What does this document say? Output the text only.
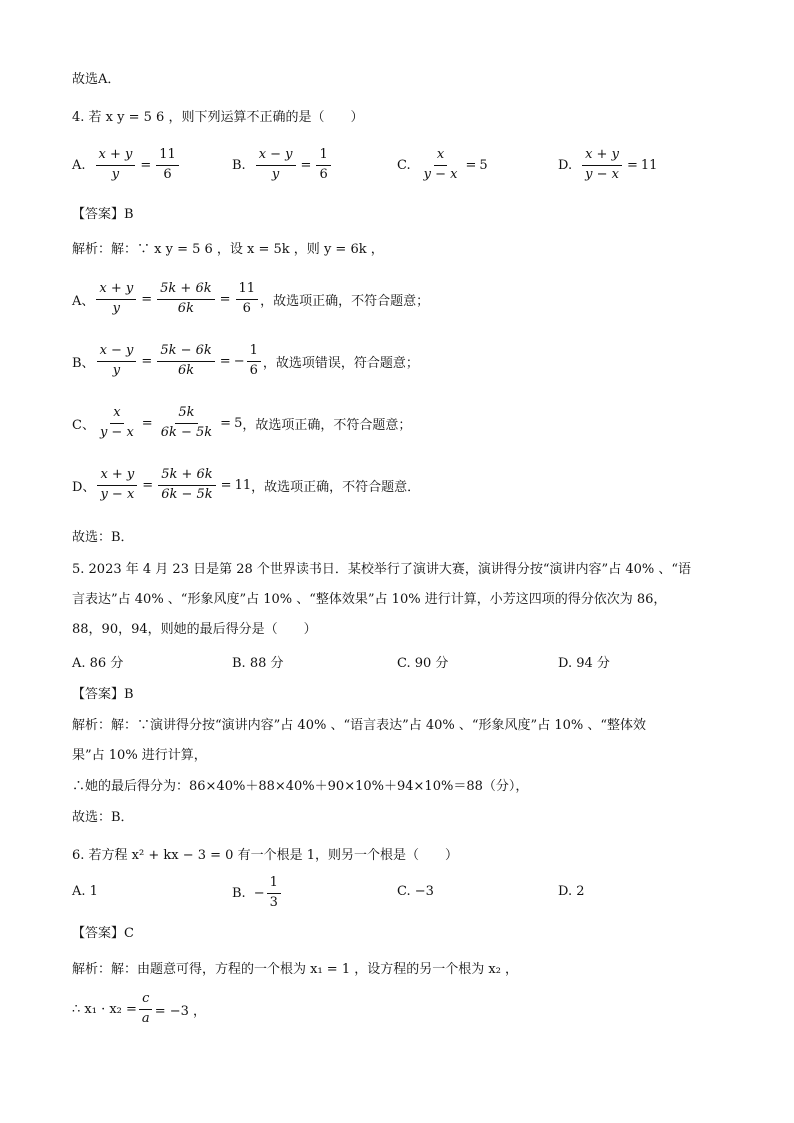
故选A．
4. 若 x y = 5 6 ，则下列运算不正确的是（　　）
A. $\frac{x + y}{y} = \frac{11}{6}$	B. $\frac{x - y}{y} = \frac{1}{6}$	C. $\frac{x}{y - x} = 5$	D. $\frac{x + y}{y - x} = 11$
【答案】B
解析：解：∵ x y = 5 6 ，设 x = 5k ，则 y = 6k ，
A、 $\frac{x + y}{y} = \frac{5k + 6k}{6k} = \frac{11}{6}$ ，故选项正确，不符合题意；
B、 $\frac{x - y}{y} = \frac{5k - 6k}{6k}$ = − $\frac{1}{6}$ ，故选项错误，符合题意；
C、 $\frac{x}{y - x} = \frac{5k}{6k - 5k} = 5$ ，故选项正确，不符合题意；
D、 $\frac{x + y}{y - x} = \frac{5k + 6k}{6k - 5k} = 11$ ，故选项正确，不符合题意．
故选：B．
5. 2023 年 4 月 23 日是第 28 个世界读书日．某校举行了演讲大赛，演讲得分按“演讲内容”占 40% 、“语
言表达”占 40% 、“形象风度”占 10% 、“整体效果”占 10% 进行计算，小芳这四项的得分依次为 86，
88，90，94，则她的最后得分是（　　）
A. 86 分	B. 88 分	C. 90 分	D. 94 分
【答案】B
解析：解：∵演讲得分按“演讲内容”占 40% 、“语言表达”占 40% 、“形象风度”占 10% 、“整体效
果”占 10% 进行计算，
∴她的最后得分为：86×40%＋88×40%＋90×10%＋94×10%＝88（分），
故选：B．
6. 若方程 x² + kx − 3 = 0 有一个根是 1，则另一个根是（　　）
A. 1	B. − $\frac{1}{3}$	C. −3	D. 2
【答案】C
解析：解：由题意可得，方程的一个根为 x₁ = 1 ，设方程的另一个根为 x₂ ，
∴ $x_1 \cdot x_2 = \frac{c}{a} = -3$ ，
